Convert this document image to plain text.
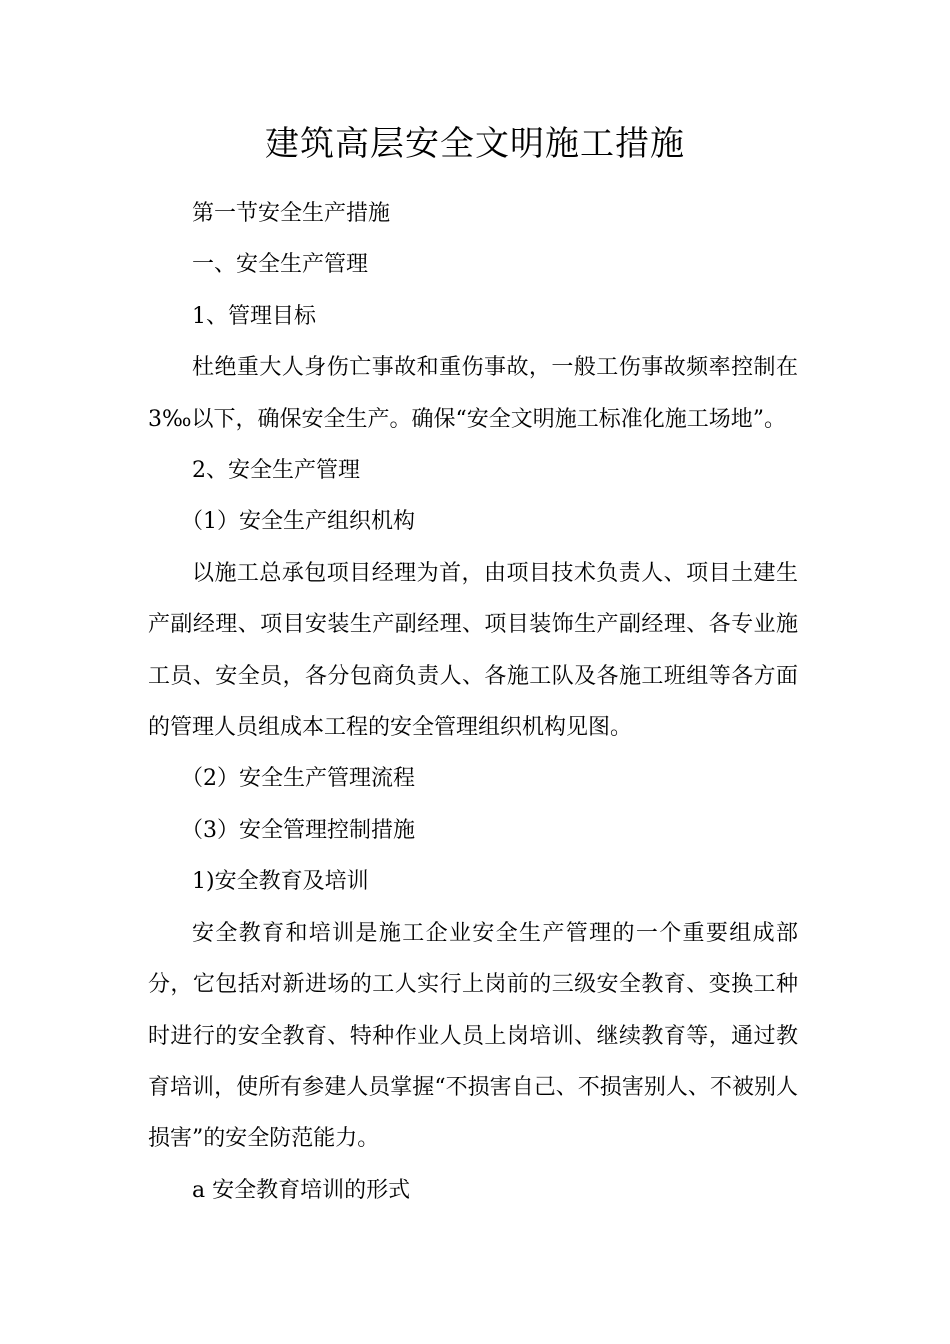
建筑高层安全文明施工措施

第一节安全生产措施

一、安全生产管理

1、管理目标

杜绝重大人身伤亡事故和重伤事故，一般工伤事故频率控制在3‰以下，确保安全生产。确保“安全文明施工标准化施工场地”。

2、安全生产管理

（1）安全生产组织机构

以施工总承包项目经理为首，由项目技术负责人、项目土建生产副经理、项目安装生产副经理、项目装饰生产副经理、各专业施工员、安全员，各分包商负责人、各施工队及各施工班组等各方面的管理人员组成本工程的安全管理组织机构见图。

（2）安全生产管理流程

（3）安全管理控制措施

1)安全教育及培训

安全教育和培训是施工企业安全生产管理的一个重要组成部分，它包括对新进场的工人实行上岗前的三级安全教育、变换工种时进行的安全教育、特种作业人员上岗培训、继续教育等，通过教育培训，使所有参建人员掌握“不损害自己、不损害别人、不被别人损害”的安全防范能力。

a 安全教育培训的形式
